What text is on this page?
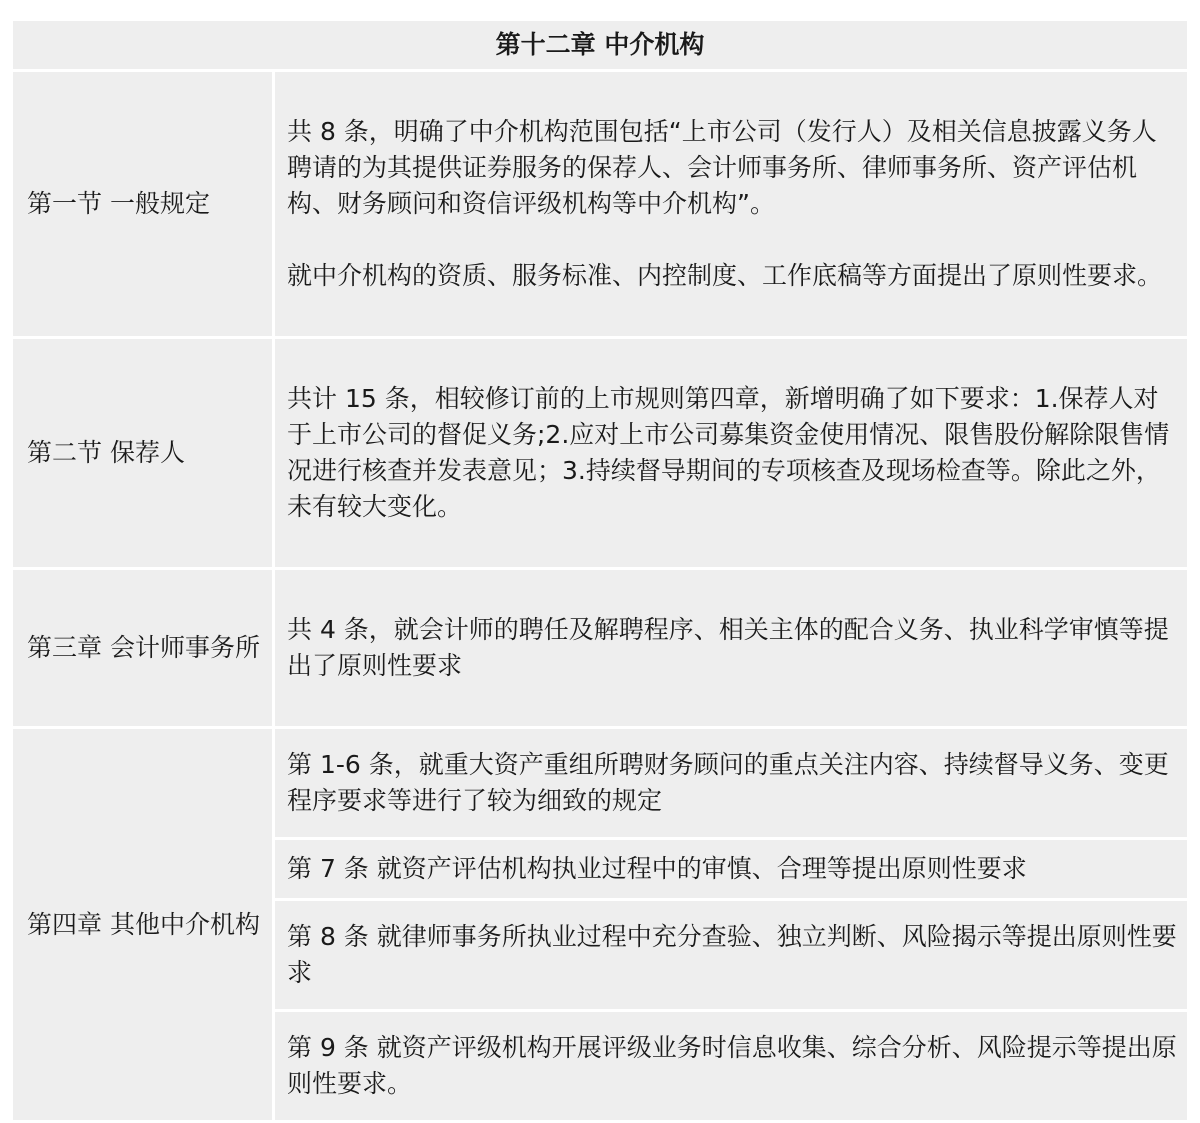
第十二章 中介机构	
第一节 一般规定	共 8 条，明确了中介机构范围包括“上市公司（发行人）及相关信息披露义务人聘请的为其提供证券服务的保荐人、会计师事务所、律师事务所、资产评估机构、财务顾问和资信评级机构等中介机构”。

就中介机构的资质、服务标准、内控制度、工作底稿等方面提出了原则性要求。

第二节 保荐人	共计 15 条，相较修订前的上市规则第四章，新增明确了如下要求：1.保荐人对于上市公司的督促义务;2.应对上市公司募集资金使用情况、限售股份解除限售情况进行核查并发表意见；3.持续督导期间的专项核查及现场检查等。除此之外，未有较大变化。

第三章 会计师事务所	共 4 条，就会计师的聘任及解聘程序、相关主体的配合义务、执业科学审慎等提出了原则性要求

第四章 其他中介机构	第 1-6 条，就重大资产重组所聘财务顾问的重点关注内容、持续督导义务、变更程序要求等进行了较为细致的规定
	第 7 条 就资产评估机构执业过程中的审慎、合理等提出原则性要求
	第 8 条 就律师事务所执业过程中充分查验、独立判断、风险揭示等提出原则性要求
	第 9 条 就资产评级机构开展评级业务时信息收集、综合分析、风险提示等提出原则性要求。
